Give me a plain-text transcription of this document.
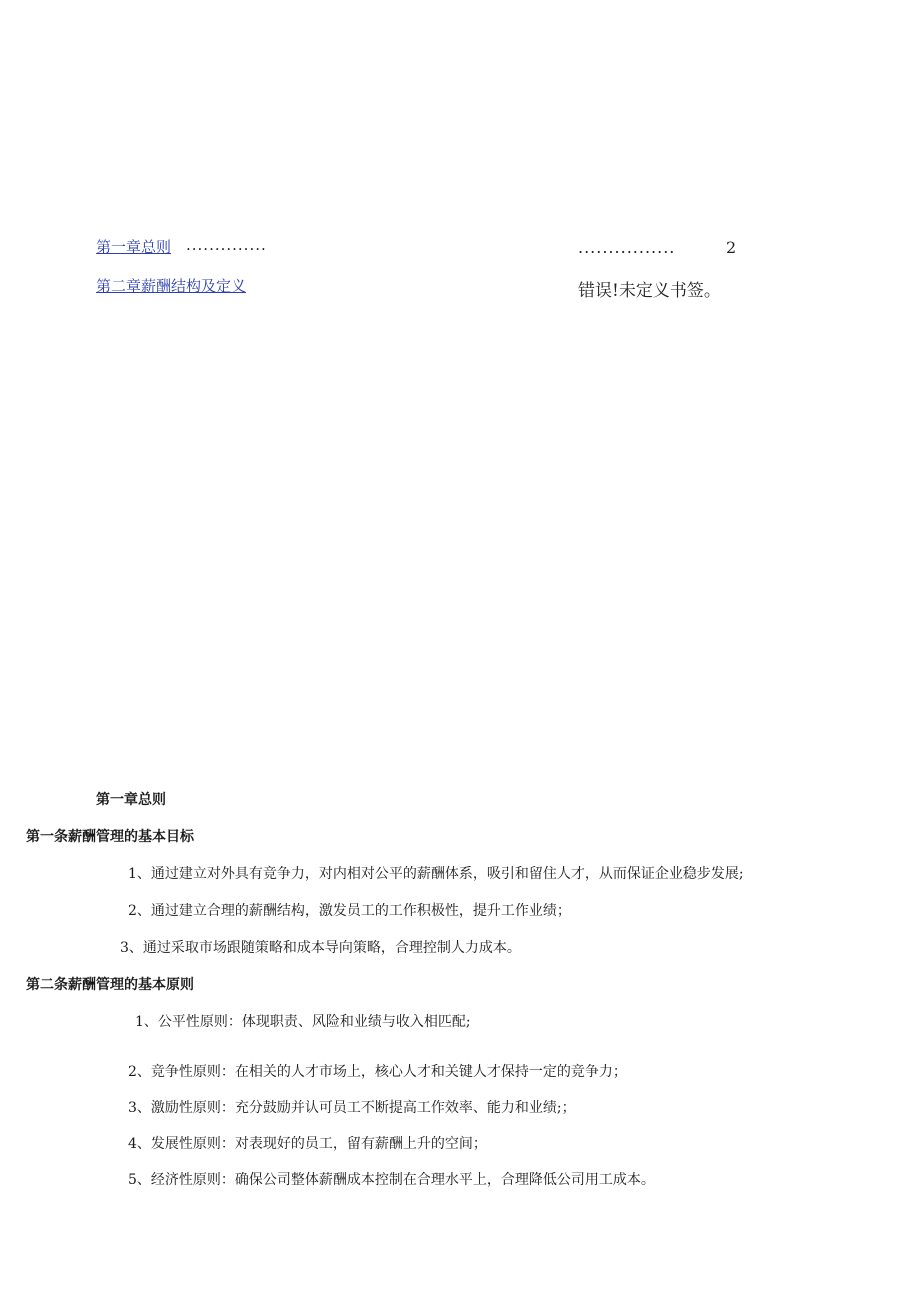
第一章总则 ..............	................	2
第二章薪酬结构及定义	错误!未定义书签。
第一章总则
第一条薪酬管理的基本目标
1、通过建立对外具有竞争力，对内相对公平的薪酬体系，吸引和留住人才，从而保证企业稳步发展;
2、通过建立合理的薪酬结构，激发员工的工作积极性，提升工作业绩；
3、通过采取市场跟随策略和成本导向策略，合理控制人力成本。
第二条薪酬管理的基本原则
1、公平性原则：体现职责、风险和业绩与收入相匹配;
2、竞争性原则：在相关的人才市场上，核心人才和关键人才保持一定的竞争力；
3、激励性原则：充分鼓励并认可员工不断提高工作效率、能力和业绩;；
4、发展性原则：对表现好的员工，留有薪酬上升的空间；
5、经济性原则：确保公司整体薪酬成本控制在合理水平上，合理降低公司用工成本。
